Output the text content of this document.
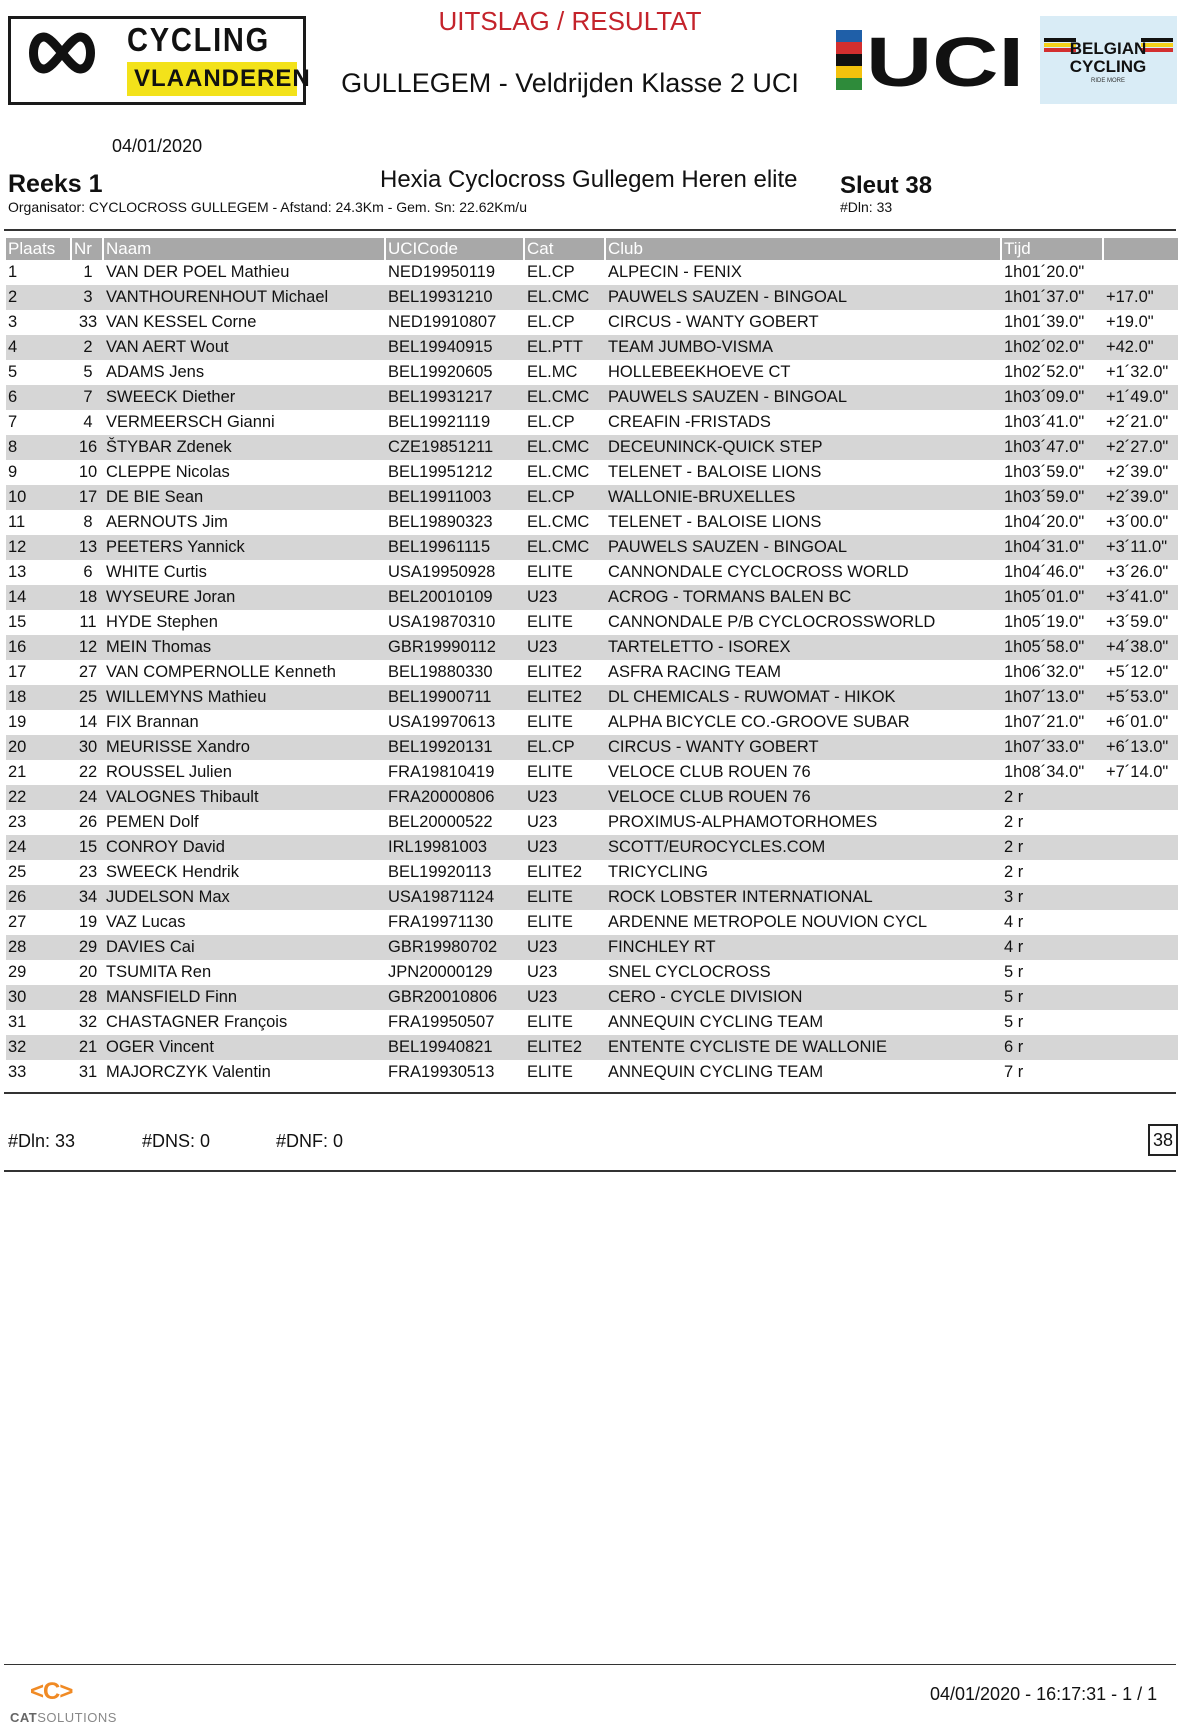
CYCLING
VLAANDEREN
UITSLAG / RESULTAT
GULLEGEM - Veldrijden Klasse 2 UCI UCI	BELGIAN
CYCLING
RIDE MORE
04/01/2020
Reeks 1	Hexia Cyclocross Gullegem Heren elite Sleut 38
Organisator: CYCLOCROSS GULLEGEM - Afstand: 24.3Km - Gem. Sn: 22.62Km/u	#Dln: 33
Plaats	Nr Naam	UCICode	Cat	Club	Tijd
1	1 VAN DER POEL Mathieu	NED19950119	EL.CP	ALPECIN - FENIX	1h01´20.0"
2	3 VANTHOURENHOUT Michael	BEL19931210	EL.CMC	PAUWELS SAUZEN - BINGOAL	1h01´37.0"	+17.0"
3	33 VAN KESSEL Corne	NED19910807	EL.CP	CIRCUS - WANTY GOBERT	1h01´39.0"	+19.0"
4	2 VAN AERT Wout	BEL19940915	EL.PTT	TEAM JUMBO-VISMA	1h02´02.0"	+42.0"
5	5 ADAMS Jens	BEL19920605	EL.MC	HOLLEBEEKHOEVE CT	1h02´52.0"	+1´32.0"
6	7 SWEECK Diether	BEL19931217	EL.CMC	PAUWELS SAUZEN - BINGOAL	1h03´09.0"	+1´49.0"
7	4 VERMEERSCH Gianni	BEL19921119	EL.CP	CREAFIN -FRISTADS	1h03´41.0"	+2´21.0"
8	16 ŠTYBAR Zdenek	CZE19851211	EL.CMC	DECEUNINCK-QUICK STEP	1h03´47.0"	+2´27.0"
9	10 CLEPPE Nicolas	BEL19951212	EL.CMC	TELENET - BALOISE LIONS	1h03´59.0"	+2´39.0"
10	17 DE BIE Sean	BEL19911003	EL.CP	WALLONIE-BRUXELLES	1h03´59.0"	+2´39.0"
11	8 AERNOUTS Jim	BEL19890323	EL.CMC	TELENET - BALOISE LIONS	1h04´20.0"	+3´00.0"
12	13 PEETERS Yannick	BEL19961115	EL.CMC	PAUWELS SAUZEN - BINGOAL	1h04´31.0"	+3´11.0"
13	6 WHITE Curtis	USA19950928	ELITE	CANNONDALE CYCLOCROSS WORLD	1h04´46.0"	+3´26.0"
14	18 WYSEURE Joran	BEL20010109	U23	ACROG - TORMANS BALEN BC	1h05´01.0"	+3´41.0"
15	11 HYDE Stephen	USA19870310	ELITE	CANNONDALE P/B CYCLOCROSSWORLD	1h05´19.0"	+3´59.0"
16	12 MEIN Thomas	GBR19990112	U23	TARTELETTO - ISOREX	1h05´58.0"	+4´38.0"
17	27 VAN COMPERNOLLE Kenneth	BEL19880330	ELITE2	ASFRA RACING TEAM	1h06´32.0"	+5´12.0"
18	25 WILLEMYNS Mathieu	BEL19900711	ELITE2	DL CHEMICALS - RUWOMAT - HIKOK	1h07´13.0"	+5´53.0"
19	14 FIX Brannan	USA19970613	ELITE	ALPHA BICYCLE CO.-GROOVE SUBAR	1h07´21.0"	+6´01.0"
20	30 MEURISSE Xandro	BEL19920131	EL.CP	CIRCUS - WANTY GOBERT	1h07´33.0"	+6´13.0"
21	22 ROUSSEL Julien	FRA19810419	ELITE	VELOCE CLUB ROUEN 76	1h08´34.0"	+7´14.0"
22	24 VALOGNES Thibault	FRA20000806	U23	VELOCE CLUB ROUEN 76	2 r
23	26 PEMEN Dolf	BEL20000522	U23	PROXIMUS-ALPHAMOTORHOMES	2 r
24	15 CONROY David	IRL19981003	U23	SCOTT/EUROCYCLES.COM	2 r
25	23 SWEECK Hendrik	BEL19920113	ELITE2	TRICYCLING	2 r
26	34 JUDELSON Max	USA19871124	ELITE	ROCK LOBSTER INTERNATIONAL	3 r
27	19 VAZ Lucas	FRA19971130	ELITE	ARDENNE METROPOLE NOUVION CYCL	4 r
28	29 DAVIES Cai	GBR19980702	U23	FINCHLEY RT	4 r
29	20 TSUMITA Ren	JPN20000129	U23	SNEL CYCLOCROSS	5 r
30	28 MANSFIELD Finn	GBR20010806	U23	CERO - CYCLE DIVISION	5 r
31	32 CHASTAGNER François	FRA19950507	ELITE	ANNEQUIN CYCLING TEAM	5 r
32	21 OGER Vincent	BEL19940821	ELITE2	ENTENTE CYCLISTE DE WALLONIE	6 r
33	31 MAJORCZYK Valentin	FRA19930513	ELITE	ANNEQUIN CYCLING TEAM	7 r
#Dln: 33	#DNS: 0	#DNF: 0	38
<C>
CATSOLUTIONS
04/01/2020 - 16:17:31 - 1 / 1
